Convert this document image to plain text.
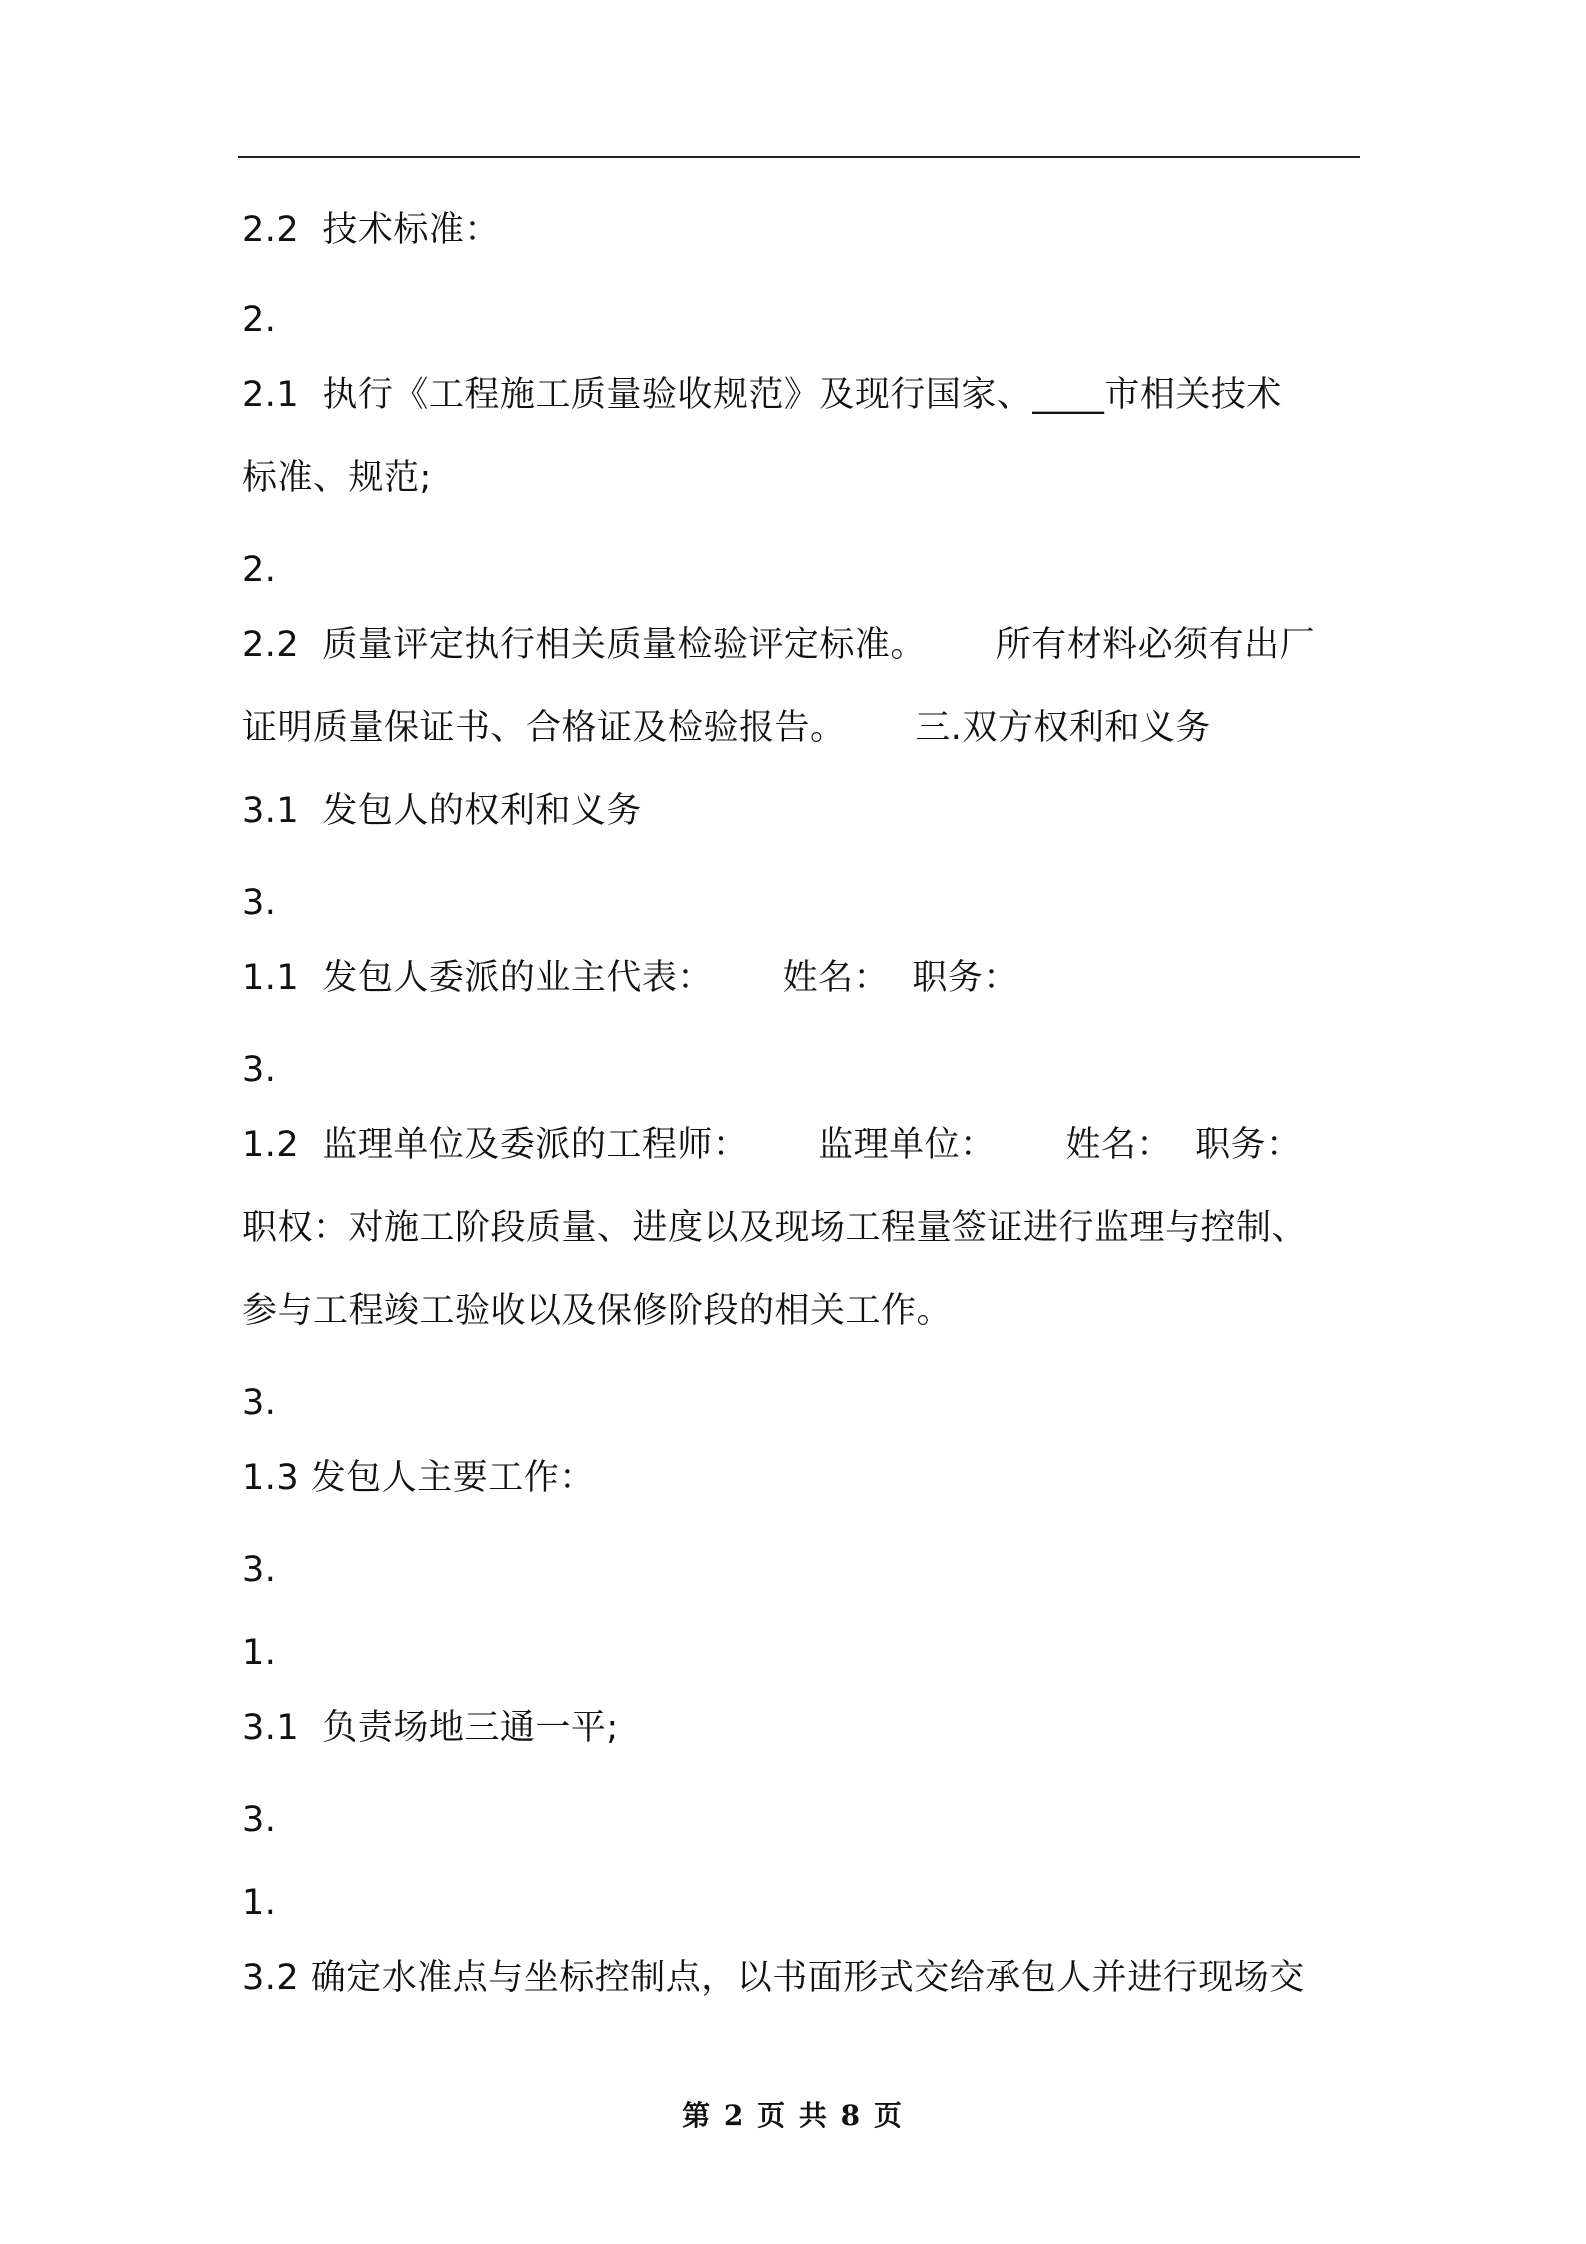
2.2  技术标准：
2.
2.1  执行《工程施工质量验收规范》及现行国家、____市相关技术
标准、规范;
2.
2.2  质量评定执行相关质量检验评定标准。      所有材料必须有出厂
证明质量保证书、合格证及检验报告。      三.双方权利和义务
3.1  发包人的权利和义务
3.
1.1  发包人委派的业主代表：      姓名：  职务：
3.
1.2  监理单位及委派的工程师：      监理单位：      姓名：  职务：
职权：对施工阶段质量、进度以及现场工程量签证进行监理与控制、
参与工程竣工验收以及保修阶段的相关工作。
3.
1.3 发包人主要工作：
3.
1.
3.1  负责场地三通一平;
3.
1.
3.2 确定水准点与坐标控制点，以书面形式交给承包人并进行现场交
第 2 页 共 8 页
